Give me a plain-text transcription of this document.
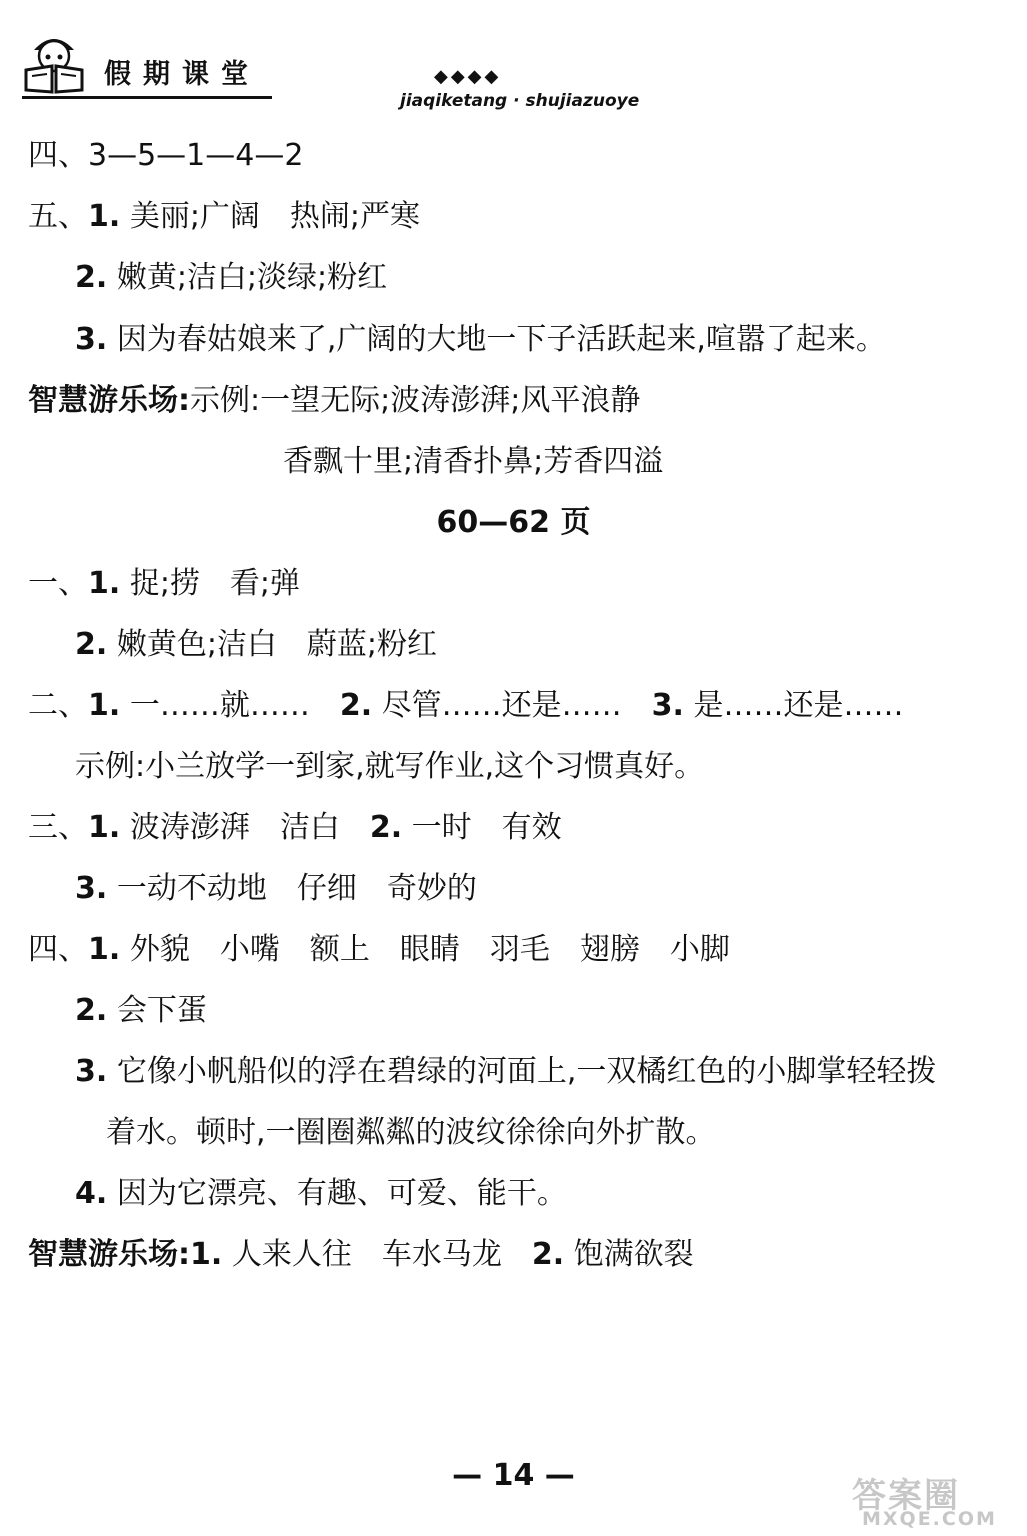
假期课堂	◆◆◆◆
jiaqiketang · shujiazuoye
四、3—5—1—4—2
五、1. 美丽;广阔　热闹;严寒
2. 嫩黄;洁白;淡绿;粉红
3. 因为春姑娘来了,广阔的大地一下子活跃起来,喧嚣了起来。
智慧游乐场:示例:一望无际;波涛澎湃;风平浪静
香飘十里;清香扑鼻;芳香四溢
60—62 页
一、1. 捉;捞　看;弹
2. 嫩黄色;洁白　蔚蓝;粉红
二、1. 一……就……　2. 尽管……还是……　3. 是……还是……
示例:小兰放学一到家,就写作业,这个习惯真好。
三、1. 波涛澎湃　洁白　2. 一时　有效
3. 一动不动地　仔细　奇妙的
四、1. 外貌　小嘴　额上　眼睛　羽毛　翅膀　小脚
2. 会下蛋
3. 它像小帆船似的浮在碧绿的河面上,一双橘红色的小脚掌轻轻拨
着水。顿时,一圈圈粼粼的波纹徐徐向外扩散。
4. 因为它漂亮、有趣、可爱、能干。
智慧游乐场:1. 人来人往　车水马龙　2. 饱满欲裂
— 14 —
答案圈
MXQE.COM
